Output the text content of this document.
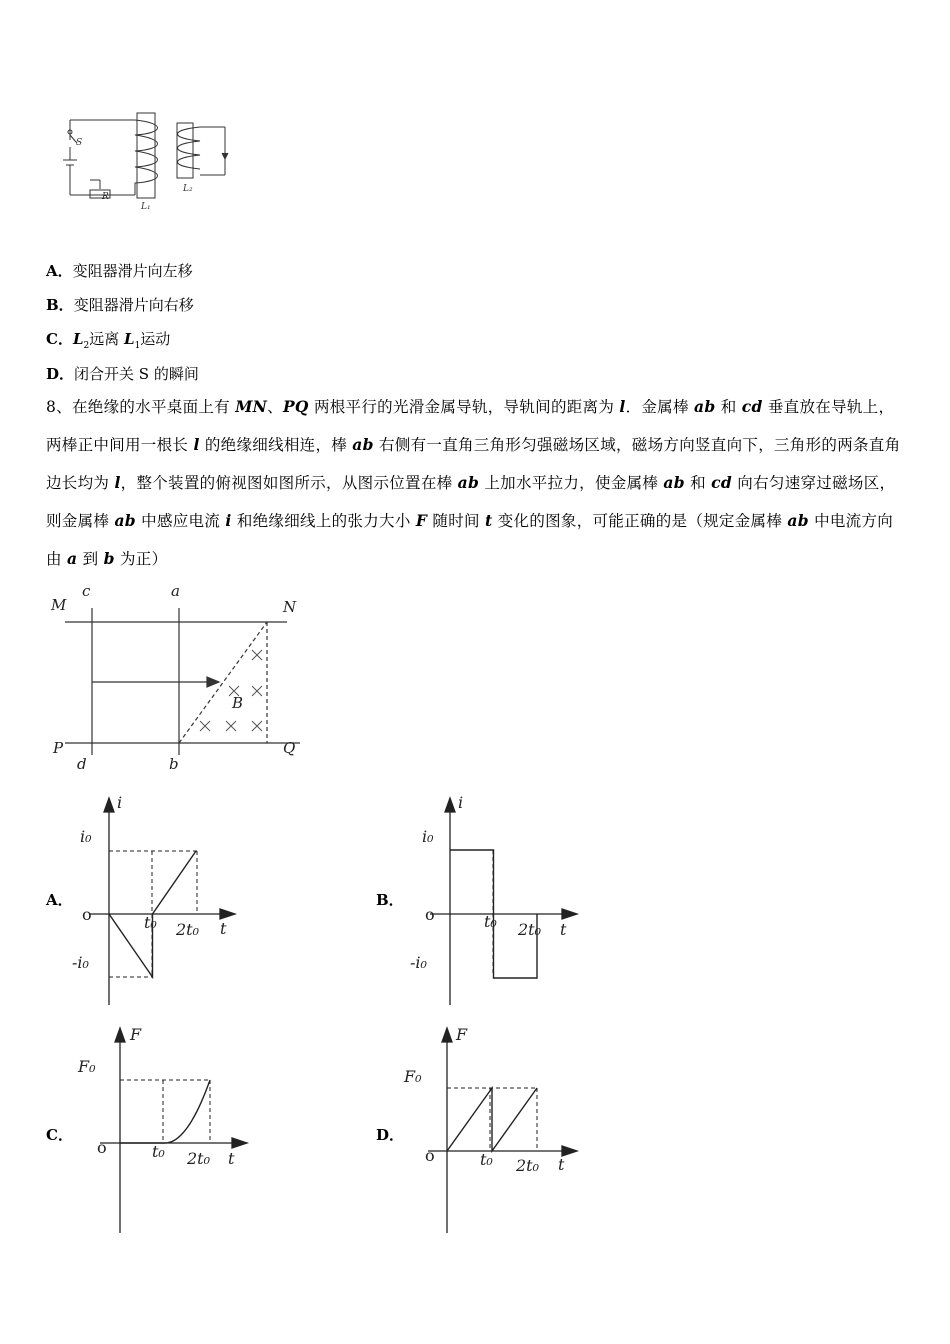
S
R
L₁
L₂
A．变阻器滑片向左移
B．变阻器滑片向右移
C．$L_2$远离 $L_1$运动
D．闭合开关 S 的瞬间
8、在绝缘的水平桌面上有 MN、PQ 两根平行的光滑金属导轨，导轨间的距离为 l．金属棒 ab 和 cd 垂直放在导轨上，两棒正中间用一根长 l 的绝缘细线相连，棒 ab 右侧有一直角三角形匀强磁场区域，磁场方向竖直向下，三角形的两条直角边长均为 l，整个装置的俯视图如图所示，从图示位置在棒 ab 上加水平拉力，使金属棒 ab 和 cd 向右匀速穿过磁场区，则金属棒 ab 中感应电流 i 和绝缘细线上的张力大小 F 随时间 t 变化的图象，可能正确的是（规定金属棒 ab 中电流方向由 a 到 b 为正）
M
c	a
N
B
P
d	b
Q
A．	B．
C．	D．
i
t
i₀
-i₀
t₀ 2t₀
o
i
t
i₀
-i₀
t₀ 2t₀
o
F
t
F₀
t₀ 2t₀
o
F
t
F₀
t₀ 2t₀
o
